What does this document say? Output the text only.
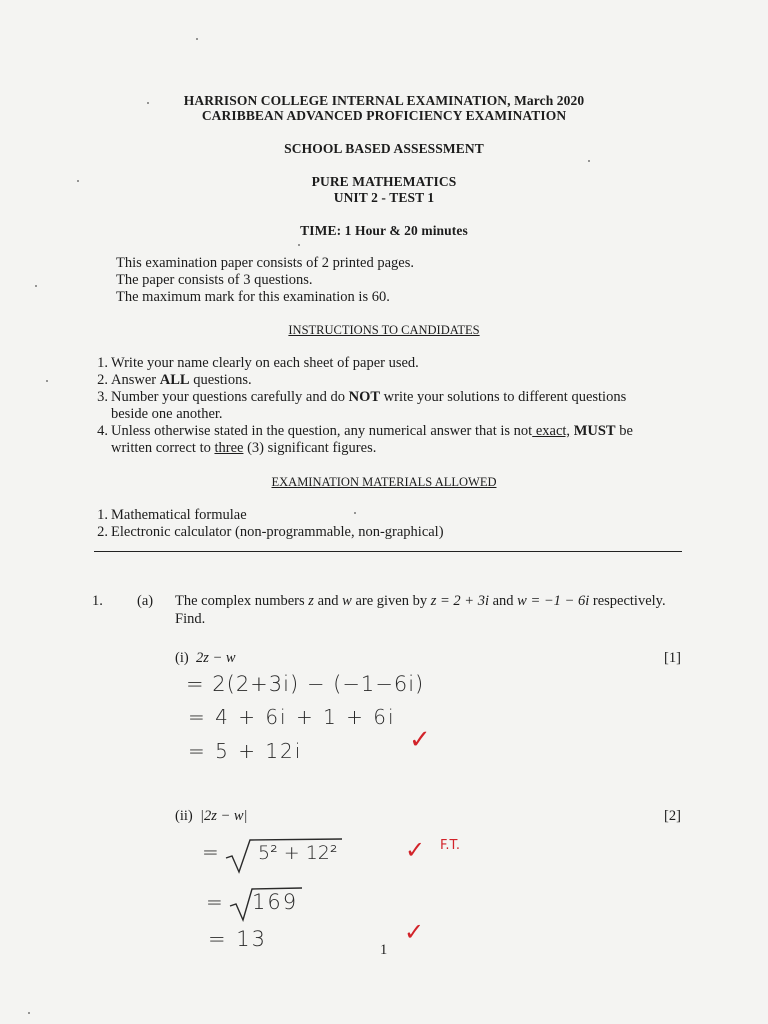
HARRISON COLLEGE INTERNAL EXAMINATION, March 2020
CARIBBEAN ADVANCED PROFICIENCY EXAMINATION
SCHOOL BASED ASSESSMENT
PURE MATHEMATICS
UNIT 2 - TEST 1
TIME: 1 Hour & 20 minutes
This examination paper consists of 2 printed pages.
The paper consists of 3 questions.
The maximum mark for this examination is 60.
INSTRUCTIONS TO CANDIDATES
1. Write your name clearly on each sheet of paper used.
2. Answer ALL questions.
3. Number your questions carefully and do NOT write your solutions to different questions
beside one another.
4. Unless otherwise stated in the question, any numerical answer that is not exact, MUST be
written correct to three (3) significant figures.
EXAMINATION MATERIALS ALLOWED
1. Mathematical formulae
2. Electronic calculator (non-programmable, non-graphical)
1. (a) The complex numbers z and w are given by z = 2 + 3i and w = −1 − 6i respectively.
Find.
(i) 2z − w	[1]
= 2(2+3i) − (−1−6i)
= 4 + 6i + 1 + 6i
= 5 + 12i	✓
(ii) |2z − w|	[2]
= 5² + 12²	✓ F.T.
= 169
= 13	✓
1
